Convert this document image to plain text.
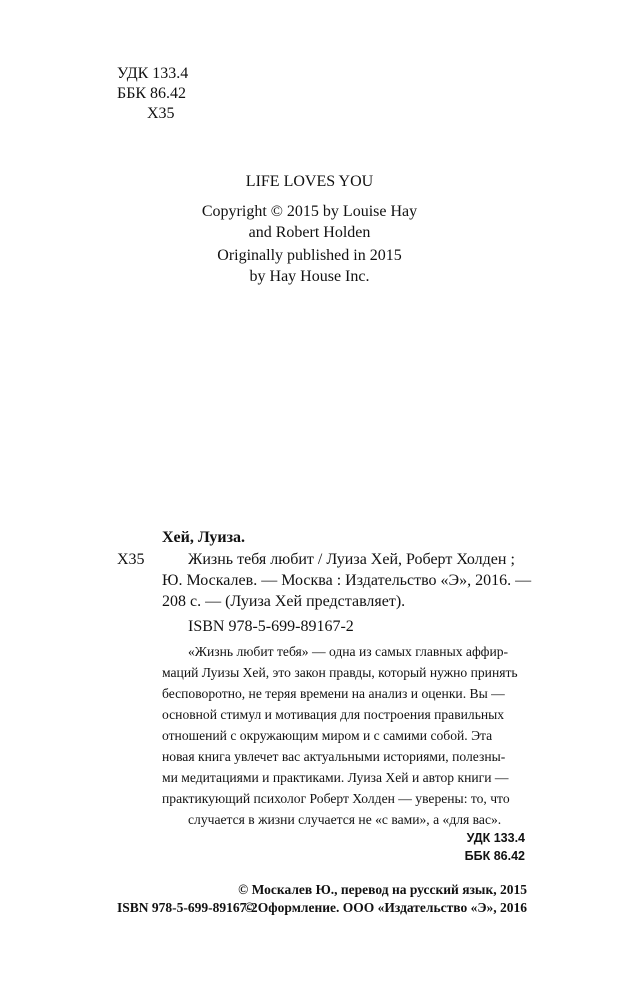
УДК 133.4
ББК 86.42
Х35
LIFE LOVES YOU
Copyright © 2015 by Louise Hay
and Robert Holden
Originally published in 2015
by Hay House Inc.
Хей, Луиза.
Х35	Жизнь тебя любит / Луиза Хей, Роберт Холден ;
Ю. Москалев. — Москва : Издательство «Э», 2016. —
208 с. — (Луиза Хей представляет).
ISBN 978-5-699-89167-2
«Жизнь любит тебя» — одна из самых главных аффир-
маций Луизы Хей, это закон правды, который нужно принять
бесповоротно, не теряя времени на анализ и оценки. Вы —
основной стимул и мотивация для построения правильных
отношений с окружающим миром и с самими собой. Эта
новая книга увлечет вас актуальными историями, полезны-
ми медитациями и практиками. Луиза Хей и автор книги —
практикующий психолог Роберт Холден — уверены: то, что
случается в жизни случается не «с вами», а «для вас».
УДК 133.4
ББК 86.42
© Москалев Ю., перевод на русский язык, 2015
ISBN 978-5-699-89167-2
© Оформление. ООО «Издательство «Э», 2016
